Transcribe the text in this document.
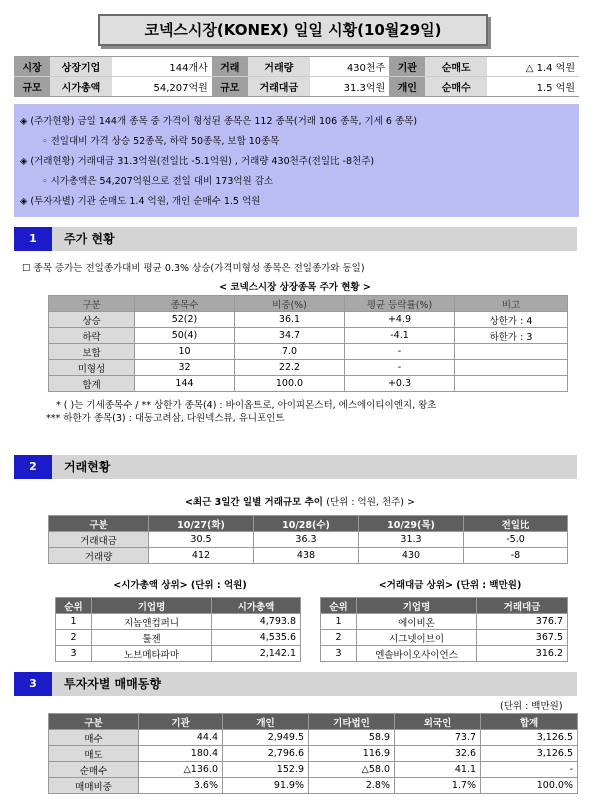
코넥스시장(KONEX) 일일 시황(10월29일)
시장	상장기업	144개사	거래	거래량	430천주	기관	순매도	△ 1.4 억원
규모	시가총액	54,207억원	규모	거래대금	31.3억원	개인	순매수	1.5 억원
◈ (주가현황) 금일 144개 종목 중 가격이 형성된 종목은 112 종목(거래 106 종목, 기세 6 종목)
◦ 전일대비 가격 상승 52종목, 하락 50종목, 보합 10종목
◈ (거래현황) 거래대금 31.3억원(전일比 -5.1억원) , 거래량 430천주(전일比 -8천주)
◦ 시가총액은 54,207억원으로 전일 대비 173억원 감소
◈ (투자자별) 기관 순매도 1.4 억원, 개인 순매수 1.5 억원
1	주가 현황
☐ 종목 증가는 전일종가대비 평균 0.3% 상승(가격미형성 종목은 전일종가와 동일)
< 코넥스시장 상장종목 주가 현황 >
구분	종목수	비중(%)	평균 등락률(%)	비고
상승	52(2)	36.1	+4.9	상한가 : 4
하락	50(4)	34.7	-4.1	하한가 : 3
보합	10	7.0	-	
미형성	32	22.2	-	
합계	144	100.0	+0.3	
* ( )는 기세종목수 / ** 상한가 종목(4) : 바이옵트로, 아이피몬스터, 에스에이티이엔지, 왕초
*** 하한가 종목(3) : 대동고려삼, 다원넥스뷰, 유니포인트
2	거래현황
<최근 3일간 일별 거래규모 추이 (단위 : 억원, 천주) >
구분	10/27(화)	10/28(수)	10/29(목)	전일比
거래대금	30.5	36.3	31.3	-5.0
거래량	412	438	430	-8
<시가총액 상위> (단위 : 억원)	<거래대금 상위> (단위 : 백만원)
순위	기업명	시가총액
1	지놈앤컴퍼니	4,793.8
2	툴젠	4,535.6
3	노브메타파마	2,142.1
순위	기업명	거래대금
1	에이비온	376.7
2	시그넷이브이	367.5
3	엔솔바이오사이언스	316.2
3	투자자별 매매동향
(단위 : 백만원)
구분	기관	개인	기타법인	외국인	합계
매수	44.4	2,949.5	58.9	73.7	3,126.5
매도	180.4	2,796.6	116.9	32.6	3,126.5
순매수	△136.0	152.9	△58.0	41.1	-
매매비중	3.6%	91.9%	2.8%	1.7%	100.0%
